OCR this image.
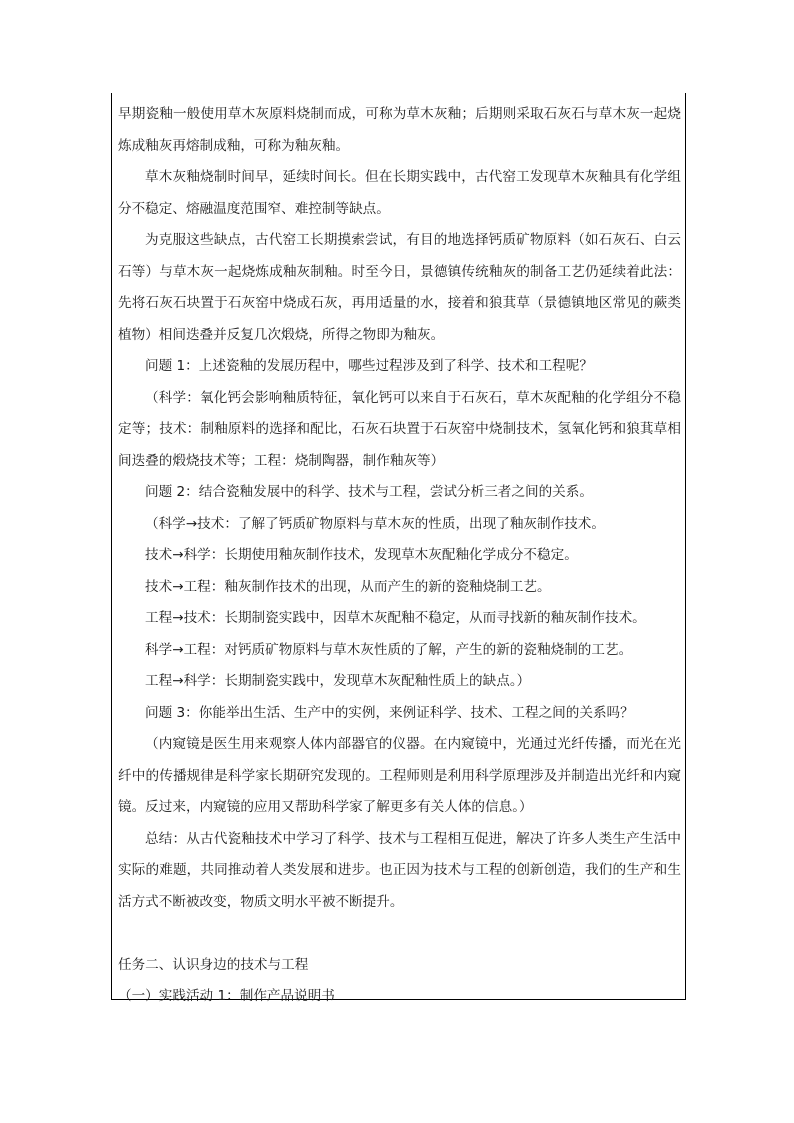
早期瓷釉一般使用草木灰原料烧制而成，可称为草木灰釉；后期则采取石灰石与草木灰一起烧炼成釉灰再熔制成釉，可称为釉灰釉。

草木灰釉烧制时间早，延续时间长。但在长期实践中，古代窑工发现草木灰釉具有化学组分不稳定、熔融温度范围窄、难控制等缺点。

为克服这些缺点，古代窑工长期摸索尝试，有目的地选择钙质矿物原料（如石灰石、白云石等）与草木灰一起烧炼成釉灰制釉。时至今日，景德镇传统釉灰的制备工艺仍延续着此法：先将石灰石块置于石灰窑中烧成石灰，再用适量的水，接着和狼萁草（景德镇地区常见的蕨类植物）相间迭叠并反复几次煅烧，所得之物即为釉灰。

问题 1：上述瓷釉的发展历程中，哪些过程涉及到了科学、技术和工程呢？

（科学：氧化钙会影响釉质特征，氧化钙可以来自于石灰石，草木灰配釉的化学组分不稳定等；技术：制釉原料的选择和配比，石灰石块置于石灰窑中烧制技术，氢氧化钙和狼萁草相间迭叠的煅烧技术等；工程：烧制陶器，制作釉灰等）

问题 2：结合瓷釉发展中的科学、技术与工程，尝试分析三者之间的关系。

（科学→技术：了解了钙质矿物原料与草木灰的性质，出现了釉灰制作技术。

技术→科学：长期使用釉灰制作技术，发现草木灰配釉化学成分不稳定。

技术→工程：釉灰制作技术的出现，从而产生的新的瓷釉烧制工艺。

工程→技术：长期制瓷实践中，因草木灰配釉不稳定，从而寻找新的釉灰制作技术。

科学→工程：对钙质矿物原料与草木灰性质的了解，产生的新的瓷釉烧制的工艺。

工程→科学：长期制瓷实践中，发现草木灰配釉性质上的缺点。）

问题 3：你能举出生活、生产中的实例，来例证科学、技术、工程之间的关系吗？

（内窥镜是医生用来观察人体内部器官的仪器。在内窥镜中，光通过光纤传播，而光在光纤中的传播规律是科学家长期研究发现的。工程师则是利用科学原理涉及并制造出光纤和内窥镜。反过来，内窥镜的应用又帮助科学家了解更多有关人体的信息。）

总结：从古代瓷釉技术中学习了科学、技术与工程相互促进，解决了许多人类生产生活中实际的难题，共同推动着人类发展和进步。也正因为技术与工程的创新创造，我们的生产和生活方式不断被改变，物质文明水平被不断提升。

任务二、认识身边的技术与工程

（一）实践活动 1：制作产品说明书
